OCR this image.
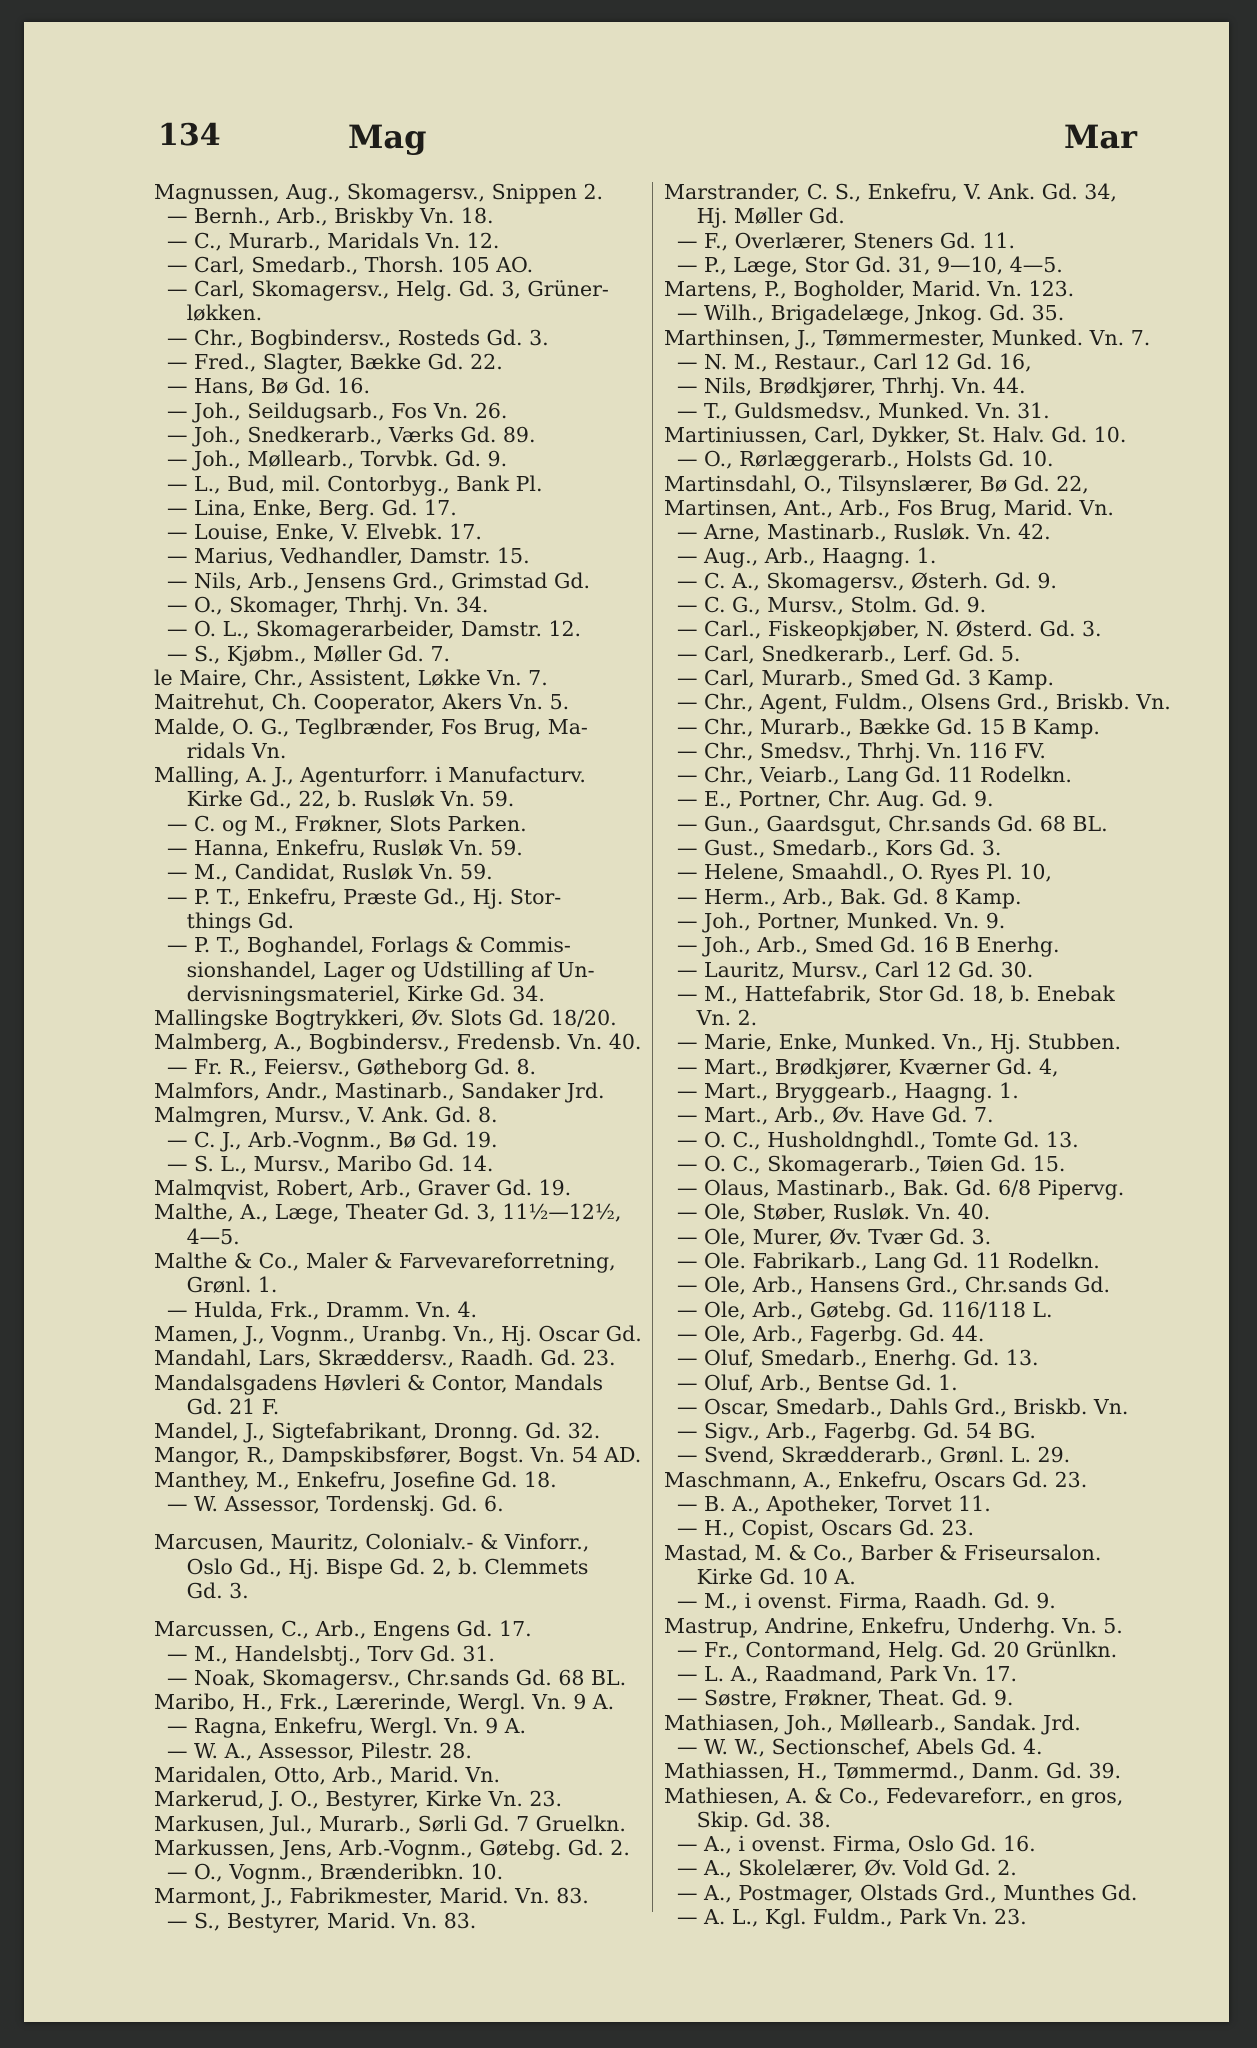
134	Mag	Mar
Magnussen, Aug., Skomagersv., Snippen 2.
— Bernh., Arb., Briskby Vn. 18.
— C., Murarb., Maridals Vn. 12.
— Carl, Smedarb., Thorsh. 105 AO.
— Carl, Skomagersv., Helg. Gd. 3, Grüner-
løkken.
— Chr., Bogbindersv., Rosteds Gd. 3.
— Fred., Slagter, Bække Gd. 22.
— Hans, Bø Gd. 16.
— Joh., Seildugsarb., Fos Vn. 26.
— Joh., Snedkerarb., Værks Gd. 89.
— Joh., Møllearb., Torvbk. Gd. 9.
— L., Bud, mil. Contorbyg., Bank Pl.
— Lina, Enke, Berg. Gd. 17.
— Louise, Enke, V. Elvebk. 17.
— Marius, Vedhandler, Damstr. 15.
— Nils, Arb., Jensens Grd., Grimstad Gd.
— O., Skomager, Thrhj. Vn. 34.
— O. L., Skomagerarbeider, Damstr. 12.
— S., Kjøbm., Møller Gd. 7.
le Maire, Chr., Assistent, Løkke Vn. 7.
Maitrehut, Ch. Cooperator, Akers Vn. 5.
Malde, O. G., Teglbrænder, Fos Brug, Ma-
ridals Vn.
Malling, A. J., Agenturforr. i Manufacturv.
Kirke Gd., 22, b. Rusløk Vn. 59.
— C. og M., Frøkner, Slots Parken.
— Hanna, Enkefru, Rusløk Vn. 59.
— M., Candidat, Rusløk Vn. 59.
— P. T., Enkefru, Præste Gd., Hj. Stor-
things Gd.
— P. T., Boghandel, Forlags & Commis-
sionshandel, Lager og Udstilling af Un-
dervisningsmateriel, Kirke Gd. 34.
Mallingske Bogtrykkeri, Øv. Slots Gd. 18/20.
Malmberg, A., Bogbindersv., Fredensb. Vn. 40.
— Fr. R., Feiersv., Gøtheborg Gd. 8.
Malmfors, Andr., Mastinarb., Sandaker Jrd.
Malmgren, Mursv., V. Ank. Gd. 8.
— C. J., Arb.-Vognm., Bø Gd. 19.
— S. L., Mursv., Maribo Gd. 14.
Malmqvist, Robert, Arb., Graver Gd. 19.
Malthe, A., Læge, Theater Gd. 3, 11½—12½,
4—5.
Malthe & Co., Maler & Farvevareforretning,
Grønl. 1.
— Hulda, Frk., Dramm. Vn. 4.
Mamen, J., Vognm., Uranbg. Vn., Hj. Oscar Gd.
Mandahl, Lars, Skræddersv., Raadh. Gd. 23.
Mandalsgadens Høvleri & Contor, Mandals
Gd. 21 F.
Mandel, J., Sigtefabrikant, Dronng. Gd. 32.
Mangor, R., Dampskibsfører, Bogst. Vn. 54 AD.
Manthey, M., Enkefru, Josefine Gd. 18.
— W. Assessor, Tordenskj. Gd. 6.
Marcusen, Mauritz, Colonialv.- & Vinforr.,
Oslo Gd., Hj. Bispe Gd. 2, b. Clemmets
Gd. 3.
Marcussen, C., Arb., Engens Gd. 17.
— M., Handelsbtj., Torv Gd. 31.
— Noak, Skomagersv., Chr.sands Gd. 68 BL.
Maribo, H., Frk., Lærerinde, Wergl. Vn. 9 A.
— Ragna, Enkefru, Wergl. Vn. 9 A.
— W. A., Assessor, Pilestr. 28.
Maridalen, Otto, Arb., Marid. Vn.
Markerud, J. O., Bestyrer, Kirke Vn. 23.
Markusen, Jul., Murarb., Sørli Gd. 7 Gruelkn.
Markussen, Jens, Arb.-Vognm., Gøtebg. Gd. 2.
— O., Vognm., Brænderibkn. 10.
Marmont, J., Fabrikmester, Marid. Vn. 83.
— S., Bestyrer, Marid. Vn. 83.
Marstrander, C. S., Enkefru, V. Ank. Gd. 34,
Hj. Møller Gd.
— F., Overlærer, Steners Gd. 11.
— P., Læge, Stor Gd. 31, 9—10, 4—5.
Martens, P., Bogholder, Marid. Vn. 123.
— Wilh., Brigadelæge, Jnkog. Gd. 35.
Marthinsen, J., Tømmermester, Munked. Vn. 7.
— N. M., Restaur., Carl 12 Gd. 16,
— Nils, Brødkjører, Thrhj. Vn. 44.
— T., Guldsmedsv., Munked. Vn. 31.
Martiniussen, Carl, Dykker, St. Halv. Gd. 10.
— O., Rørlæggerarb., Holsts Gd. 10.
Martinsdahl, O., Tilsynslærer, Bø Gd. 22,
Martinsen, Ant., Arb., Fos Brug, Marid. Vn.
— Arne, Mastinarb., Rusløk. Vn. 42.
— Aug., Arb., Haagng. 1.
— C. A., Skomagersv., Østerh. Gd. 9.
— C. G., Mursv., Stolm. Gd. 9.
— Carl., Fiskeopkjøber, N. Østerd. Gd. 3.
— Carl, Snedkerarb., Lerf. Gd. 5.
— Carl, Murarb., Smed Gd. 3 Kamp.
— Chr., Agent, Fuldm., Olsens Grd., Briskb. Vn.
— Chr., Murarb., Bække Gd. 15 B Kamp.
— Chr., Smedsv., Thrhj. Vn. 116 FV.
— Chr., Veiarb., Lang Gd. 11 Rodelkn.
— E., Portner, Chr. Aug. Gd. 9.
— Gun., Gaardsgut, Chr.sands Gd. 68 BL.
— Gust., Smedarb., Kors Gd. 3.
— Helene, Smaahdl., O. Ryes Pl. 10,
— Herm., Arb., Bak. Gd. 8 Kamp.
— Joh., Portner, Munked. Vn. 9.
— Joh., Arb., Smed Gd. 16 B Enerhg.
— Lauritz, Mursv., Carl 12 Gd. 30.
— M., Hattefabrik, Stor Gd. 18, b. Enebak
Vn. 2.
— Marie, Enke, Munked. Vn., Hj. Stubben.
— Mart., Brødkjører, Kværner Gd. 4,
— Mart., Bryggearb., Haagng. 1.
— Mart., Arb., Øv. Have Gd. 7.
— O. C., Husholdnghdl., Tomte Gd. 13.
— O. C., Skomagerarb., Tøien Gd. 15.
— Olaus, Mastinarb., Bak. Gd. 6/8 Pipervg.
— Ole, Støber, Rusløk. Vn. 40.
— Ole, Murer, Øv. Tvær Gd. 3.
— Ole. Fabrikarb., Lang Gd. 11 Rodelkn.
— Ole, Arb., Hansens Grd., Chr.sands Gd.
— Ole, Arb., Gøtebg. Gd. 116/118 L.
— Ole, Arb., Fagerbg. Gd. 44.
— Oluf, Smedarb., Enerhg. Gd. 13.
— Oluf, Arb., Bentse Gd. 1.
— Oscar, Smedarb., Dahls Grd., Briskb. Vn.
— Sigv., Arb., Fagerbg. Gd. 54 BG.
— Svend, Skrædderarb., Grønl. L. 29.
Maschmann, A., Enkefru, Oscars Gd. 23.
— B. A., Apotheker, Torvet 11.
— H., Copist, Oscars Gd. 23.
Mastad, M. & Co., Barber & Friseursalon.
Kirke Gd. 10 A.
— M., i ovenst. Firma, Raadh. Gd. 9.
Mastrup, Andrine, Enkefru, Underhg. Vn. 5.
— Fr., Contormand, Helg. Gd. 20 Grünlkn.
— L. A., Raadmand, Park Vn. 17.
— Søstre, Frøkner, Theat. Gd. 9.
Mathiasen, Joh., Møllearb., Sandak. Jrd.
— W. W., Sectionschef, Abels Gd. 4.
Mathiassen, H., Tømmermd., Danm. Gd. 39.
Mathiesen, A. & Co., Fedevareforr., en gros,
Skip. Gd. 38.
— A., i ovenst. Firma, Oslo Gd. 16.
— A., Skolelærer, Øv. Vold Gd. 2.
— A., Postmager, Olstads Grd., Munthes Gd.
— A. L., Kgl. Fuldm., Park Vn. 23.
